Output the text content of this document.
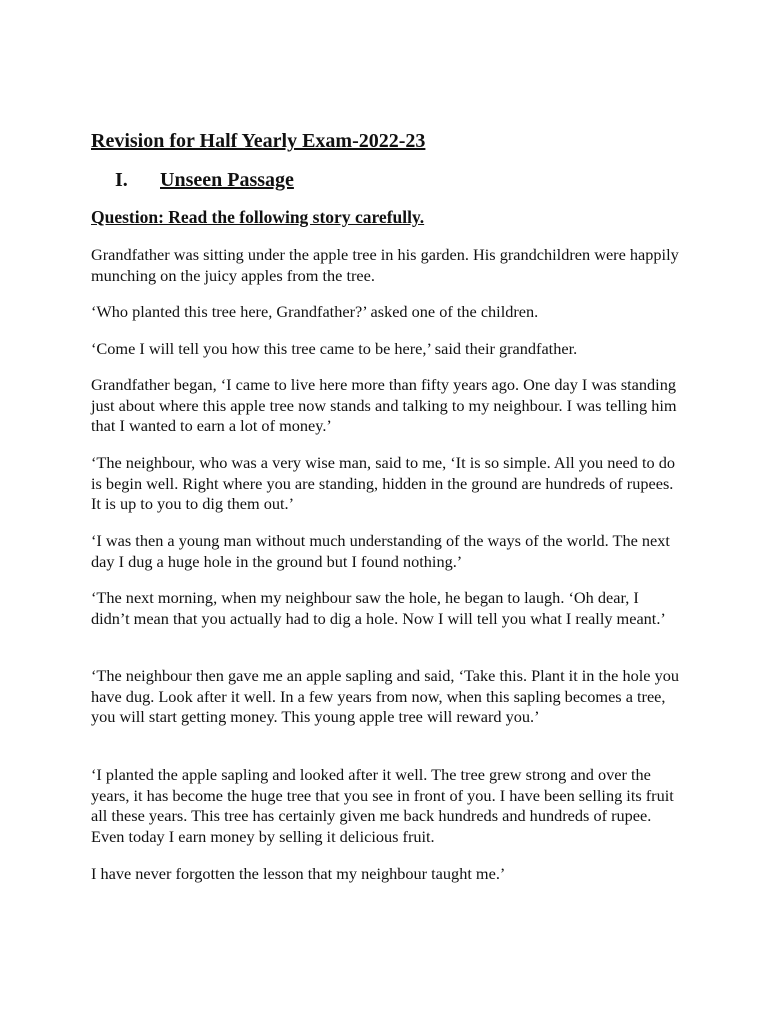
Revision for Half Yearly Exam-2022-23
I. Unseen Passage
Question: Read the following story carefully.

Grandfather was sitting under the apple tree in his garden. His grandchildren were happily munching on the juicy apples from the tree.

‘Who planted this tree here, Grandfather?’ asked one of the children.

‘Come I will tell you how this tree came to be here,’ said their grandfather.

Grandfather began, ‘I came to live here more than fifty years ago. One day I was standing just about where this apple tree now stands and talking to my neighbour. I was telling him that I wanted to earn a lot of money.’

‘The neighbour, who was a very wise man, said to me, ‘It is so simple. All you need to do is begin well. Right where you are standing, hidden in the ground are hundreds of rupees. It is up to you to dig them out.’

‘I was then a young man without much understanding of the ways of the world. The next day I dug a huge hole in the ground but I found nothing.’

‘The next morning, when my neighbour saw the hole, he began to laugh. ‘Oh dear, I didn’t mean that you actually had to dig a hole. Now I will tell you what I really meant.’

‘The neighbour then gave me an apple sapling and said, ‘Take this. Plant it in the hole you have dug. Look after it well. In a few years from now, when this sapling becomes a tree, you will start getting money. This young apple tree will reward you.’

‘I planted the apple sapling and looked after it well. The tree grew strong and over the years, it has become the huge tree that you see in front of you. I have been selling its fruit all these years. This tree has certainly given me back hundreds and hundreds of rupee. Even today I earn money by selling it delicious fruit.

I have never forgotten the lesson that my neighbour taught me.’
